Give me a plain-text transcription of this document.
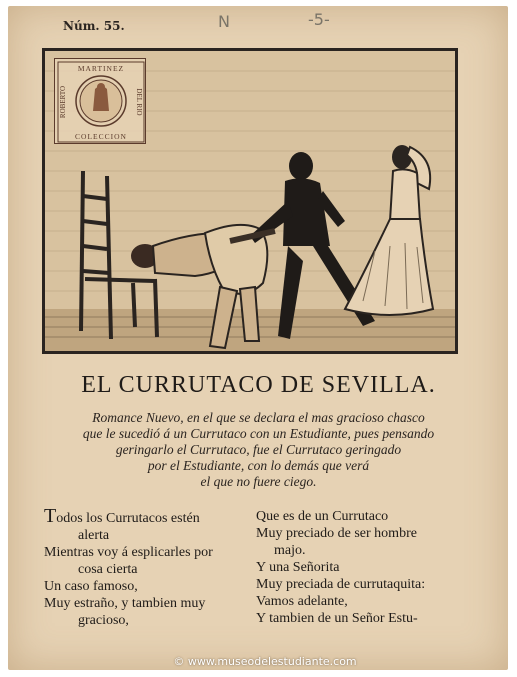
Núm. 55.	N	-5-
MARTINEZ
COLECCION
ROBERTO	DEL RIO
EL CURRUTACO DE SEVILLA.
Romance Nuevo, en el que se declara el mas gracioso chasco
que le sucedió á un Currutaco con un Estudiante, pues pensando
geringarlo el Currutaco, fue el Currutaco geringado
por el Estudiante, con lo demás que verá
el que no fuere ciego.
Todos los Currutacos estén
alerta
Mientras voy á esplicarles por
cosa cierta
Un caso famoso,
Muy estraño, y tambien muy
gracioso,
Que es de un Currutaco
Muy preciado de ser hombre
majo.
Y una Señorita
Muy preciada de currutaquita:
Vamos adelante,
Y tambien de un Señor Estu-
© www.museodelestudiante.com
